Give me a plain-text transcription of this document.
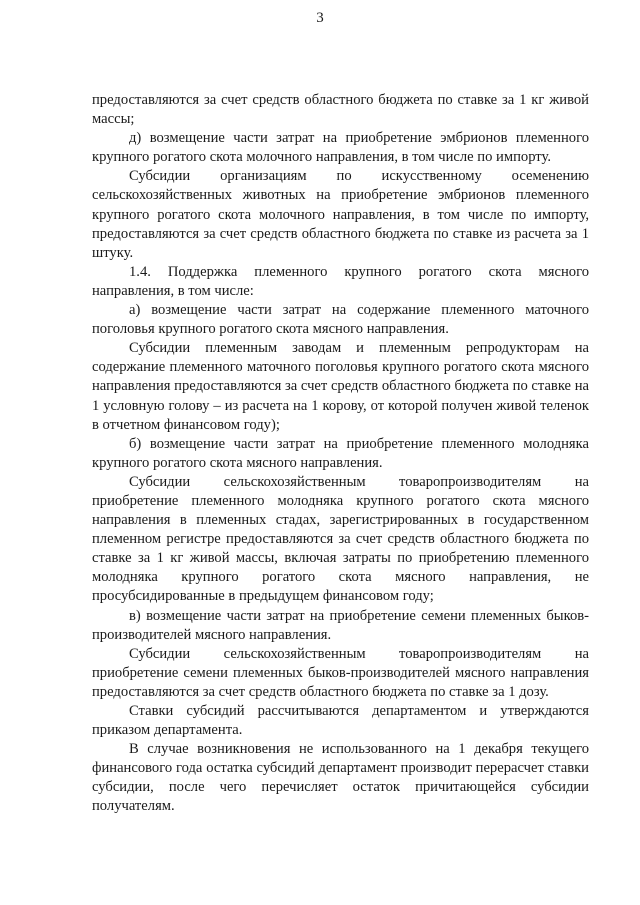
3

предоставляются за счет средств областного бюджета по ставке за 1 кг живой массы;

д) возмещение части затрат на приобретение эмбрионов племенного крупного рогатого скота молочного направления, в том числе по импорту.

Субсидии организациям по искусственному осеменению сельскохозяйственных животных на приобретение эмбрионов племенного крупного рогатого скота молочного направления, в том числе по импорту, предоставляются за счет средств областного бюджета по ставке из расчета за 1 штуку.

1.4. Поддержка племенного крупного рогатого скота мясного направления, в том числе:

а) возмещение части затрат на содержание племенного маточного поголовья крупного рогатого скота мясного направления.

Субсидии племенным заводам и племенным репродукторам на содержание племенного маточного поголовья крупного рогатого скота мясного направления предоставляются за счет средств областного бюджета по ставке на 1 условную голову – из расчета на 1 корову, от которой получен живой теленок в отчетном финансовом году);

б) возмещение части затрат на приобретение племенного молодняка крупного рогатого скота мясного направления.

Субсидии сельскохозяйственным товаропроизводителям на приобретение племенного молодняка крупного рогатого скота мясного направления в племенных стадах, зарегистрированных в государственном племенном регистре предоставляются за счет средств областного бюджета по ставке за 1 кг живой массы, включая затраты по приобретению племенного молодняка крупного рогатого скота мясного направления, не просубсидированные в предыдущем финансовом году;

в) возмещение части затрат на приобретение семени племенных быков-производителей мясного направления.

Субсидии сельскохозяйственным товаропроизводителям на приобретение семени племенных быков-производителей мясного направления предоставляются за счет средств областного бюджета по ставке за 1 дозу.

Ставки субсидий рассчитываются департаментом и утверждаются приказом департамента.

В случае возникновения не использованного на 1 декабря текущего финансового года остатка субсидий департамент производит перерасчет ставки субсидии, после чего перечисляет остаток причитающейся субсидии получателям.
